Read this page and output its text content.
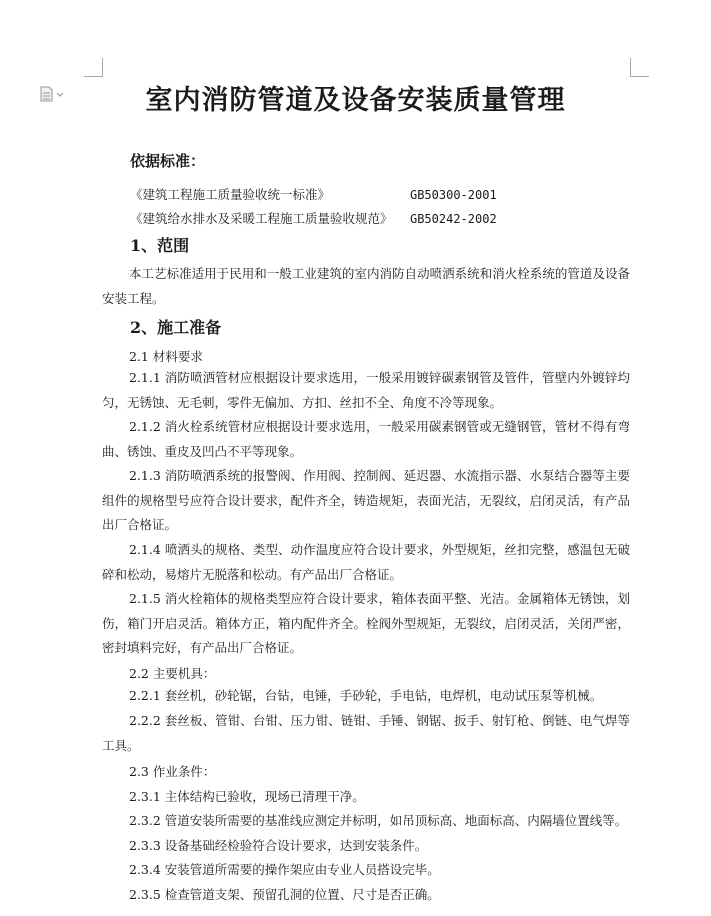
室内消防管道及设备安装质量管理
依据标准：
《建筑工程施工质量验收统一标准》	GB50300-2001
《建筑给水排水及采暖工程施工质量验收规范》 GB50242-2002
1、范围
本工艺标准适用于民用和一般工业建筑的室内消防自动喷洒系统和消火栓系统的管道及设备安装工程。
2、施工准备
2.1 材料要求
2.1.1 消防喷洒管材应根据设计要求选用，一般采用镀锌碳素钢管及管件，管壁内外镀锌均匀，无锈蚀、无毛刺，零件无偏加、方扣、丝扣不全、角度不冷等现象。
2.1.2 消火栓系统管材应根据设计要求选用，一般采用碳素钢管或无缝钢管，管材不得有弯曲、锈蚀、重皮及凹凸不平等现象。
2.1.3 消防喷洒系统的报警阀、作用阀、控制阀、延迟器、水流指示器、水泵结合器等主要组件的规格型号应符合设计要求，配件齐全，铸造规矩，表面光洁，无裂纹，启闭灵活，有产品出厂合格证。
2.1.4 喷洒头的规格、类型、动作温度应符合设计要求，外型规矩，丝扣完整，感温包无破碎和松动，易熔片无脱落和松动。有产品出厂合格证。
2.1.5 消火栓箱体的规格类型应符合设计要求，箱体表面平整、光洁。金属箱体无锈蚀，划伤，箱门开启灵活。箱体方正，箱内配件齐全。栓阀外型规矩，无裂纹，启闭灵活，关闭严密，密封填料完好，有产品出厂合格证。
2.2 主要机具：
2.2.1 套丝机，砂轮锯，台钻，电锤，手砂轮，手电钻，电焊机，电动试压泵等机械。
2.2.2 套丝板、管钳、台钳、压力钳、链钳、手锤、钢锯、扳手、射钉枪、倒链、电气焊等工具。
2.3 作业条件：
2.3.1 主体结构已验收，现场已清理干净。
2.3.2 管道安装所需要的基准线应测定并标明，如吊顶标高、地面标高、内隔墙位置线等。
2.3.3 设备基础经检验符合设计要求，达到安装条件。
2.3.4 安装管道所需要的操作架应由专业人员搭设完毕。
2.3.5 检查管道支架、预留孔洞的位置、尺寸是否正确。
